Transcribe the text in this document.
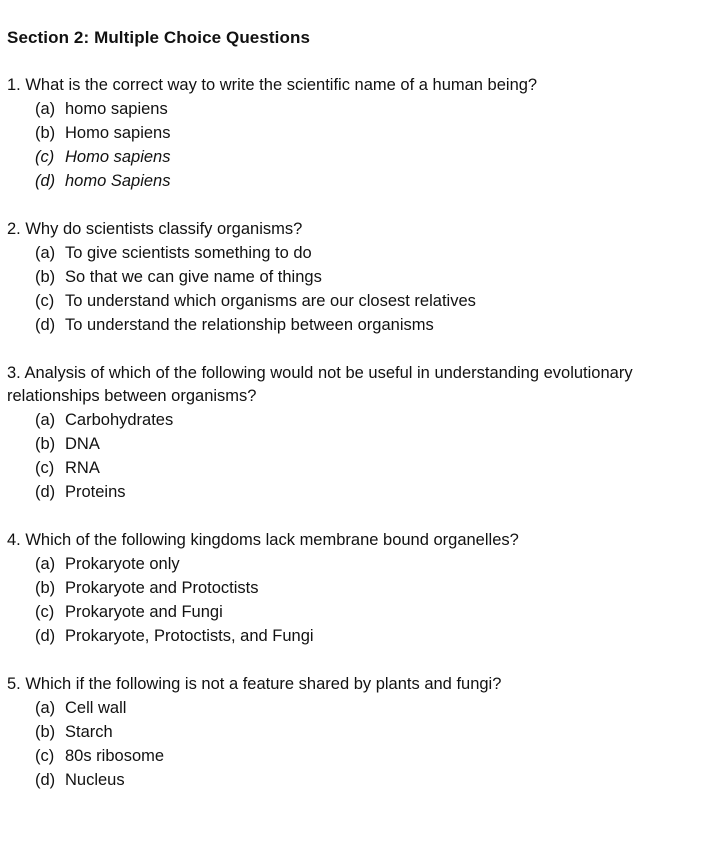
Section 2: Multiple Choice Questions

1. What is the correct way to write the scientific name of a human being?

(a) homo sapiens
(b) Homo sapiens
(c) Homo sapiens
(d) homo Sapiens

2. Why do scientists classify organisms?

(a) To give scientists something to do
(b) So that we can give name of things
(c) To understand which organisms are our closest relatives
(d) To understand the relationship between organisms

3. Analysis of which of the following would not be useful in understanding evolutionary relationships between organisms?

(a) Carbohydrates
(b) DNA
(c) RNA
(d) Proteins

4. Which of the following kingdoms lack membrane bound organelles?

(a) Prokaryote only
(b) Prokaryote and Protoctists
(c) Prokaryote and Fungi
(d) Prokaryote, Protoctists, and Fungi

5. Which if the following is not a feature shared by plants and fungi?

(a) Cell wall
(b) Starch
(c) 80s ribosome
(d) Nucleus
